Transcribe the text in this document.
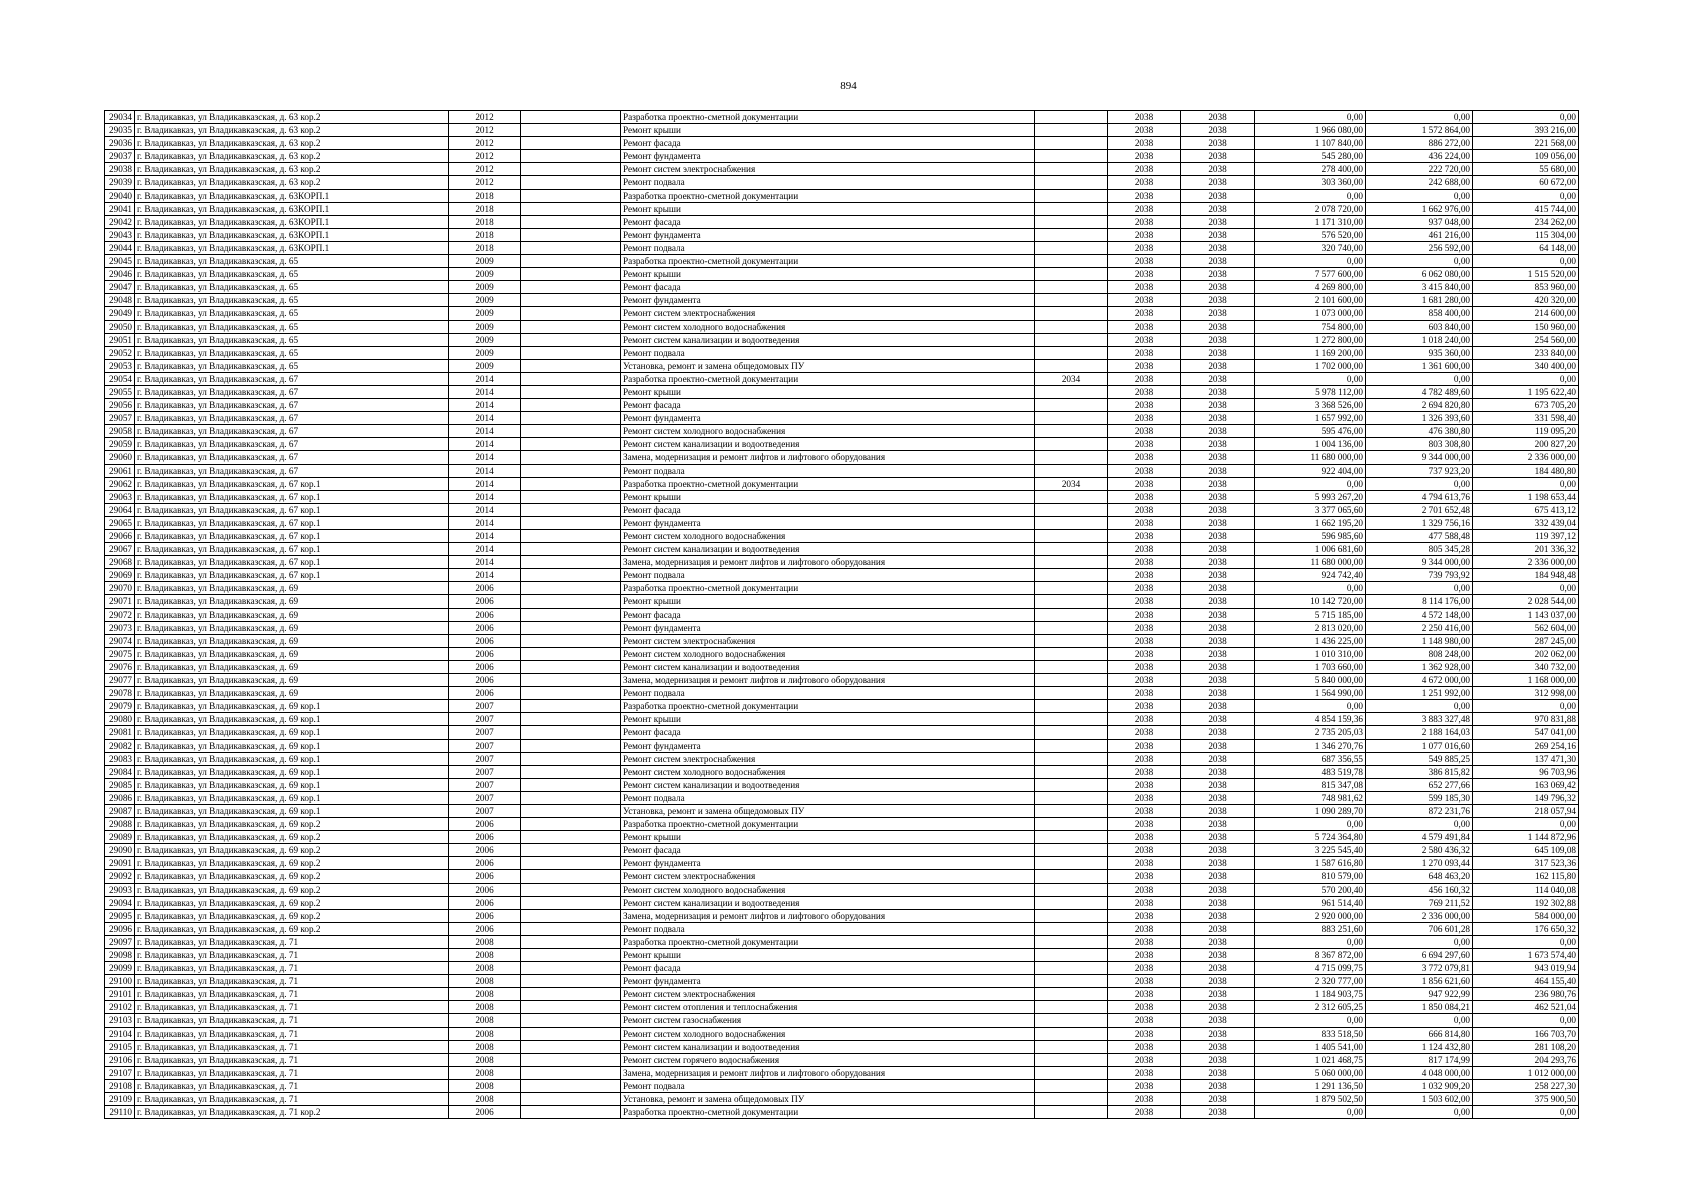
894
29034	г. Владикавказ, ул Владикавказская, д. 63 кор.2	2012		Разработка проектно-сметной документации		2038	2038	0,00	0,00	0,00
29035	г. Владикавказ, ул Владикавказская, д. 63 кор.2	2012		Ремонт крыши		2038	2038	1 966 080,00	1 572 864,00	393 216,00
29036	г. Владикавказ, ул Владикавказская, д. 63 кор.2	2012		Ремонт фасада		2038	2038	1 107 840,00	886 272,00	221 568,00
29037	г. Владикавказ, ул Владикавказская, д. 63 кор.2	2012		Ремонт фундамента		2038	2038	545 280,00	436 224,00	109 056,00
29038	г. Владикавказ, ул Владикавказская, д. 63 кор.2	2012		Ремонт систем электроснабжения		2038	2038	278 400,00	222 720,00	55 680,00
29039	г. Владикавказ, ул Владикавказская, д. 63 кор.2	2012		Ремонт подвала		2038	2038	303 360,00	242 688,00	60 672,00
29040	г. Владикавказ, ул Владикавказская, д. 63КОРП.1	2018		Разработка проектно-сметной документации		2038	2038	0,00	0,00	0,00
29041	г. Владикавказ, ул Владикавказская, д. 63КОРП.1	2018		Ремонт крыши		2038	2038	2 078 720,00	1 662 976,00	415 744,00
29042	г. Владикавказ, ул Владикавказская, д. 63КОРП.1	2018		Ремонт фасада		2038	2038	1 171 310,00	937 048,00	234 262,00
29043	г. Владикавказ, ул Владикавказская, д. 63КОРП.1	2018		Ремонт фундамента		2038	2038	576 520,00	461 216,00	115 304,00
29044	г. Владикавказ, ул Владикавказская, д. 63КОРП.1	2018		Ремонт подвала		2038	2038	320 740,00	256 592,00	64 148,00
29045	г. Владикавказ, ул Владикавказская, д. 65	2009		Разработка проектно-сметной документации		2038	2038	0,00	0,00	0,00
29046	г. Владикавказ, ул Владикавказская, д. 65	2009		Ремонт крыши		2038	2038	7 577 600,00	6 062 080,00	1 515 520,00
29047	г. Владикавказ, ул Владикавказская, д. 65	2009		Ремонт фасада		2038	2038	4 269 800,00	3 415 840,00	853 960,00
29048	г. Владикавказ, ул Владикавказская, д. 65	2009		Ремонт фундамента		2038	2038	2 101 600,00	1 681 280,00	420 320,00
29049	г. Владикавказ, ул Владикавказская, д. 65	2009		Ремонт систем электроснабжения		2038	2038	1 073 000,00	858 400,00	214 600,00
29050	г. Владикавказ, ул Владикавказская, д. 65	2009		Ремонт систем холодного водоснабжения		2038	2038	754 800,00	603 840,00	150 960,00
29051	г. Владикавказ, ул Владикавказская, д. 65	2009		Ремонт систем канализации и водоотведения		2038	2038	1 272 800,00	1 018 240,00	254 560,00
29052	г. Владикавказ, ул Владикавказская, д. 65	2009		Ремонт подвала		2038	2038	1 169 200,00	935 360,00	233 840,00
29053	г. Владикавказ, ул Владикавказская, д. 65	2009		Установка, ремонт и замена общедомовых ПУ		2038	2038	1 702 000,00	1 361 600,00	340 400,00
29054	г. Владикавказ, ул Владикавказская, д. 67	2014		Разработка проектно-сметной документации	2034	2038	2038	0,00	0,00	0,00
29055	г. Владикавказ, ул Владикавказская, д. 67	2014		Ремонт крыши		2038	2038	5 978 112,00	4 782 489,60	1 195 622,40
29056	г. Владикавказ, ул Владикавказская, д. 67	2014		Ремонт фасада		2038	2038	3 368 526,00	2 694 820,80	673 705,20
29057	г. Владикавказ, ул Владикавказская, д. 67	2014		Ремонт фундамента		2038	2038	1 657 992,00	1 326 393,60	331 598,40
29058	г. Владикавказ, ул Владикавказская, д. 67	2014		Ремонт систем холодного водоснабжения		2038	2038	595 476,00	476 380,80	119 095,20
29059	г. Владикавказ, ул Владикавказская, д. 67	2014		Ремонт систем канализации и водоотведения		2038	2038	1 004 136,00	803 308,80	200 827,20
29060	г. Владикавказ, ул Владикавказская, д. 67	2014		Замена, модернизация и ремонт лифтов и лифтового оборудования		2038	2038	11 680 000,00	9 344 000,00	2 336 000,00
29061	г. Владикавказ, ул Владикавказская, д. 67	2014		Ремонт подвала		2038	2038	922 404,00	737 923,20	184 480,80
29062	г. Владикавказ, ул Владикавказская, д. 67 кор.1	2014		Разработка проектно-сметной документации	2034	2038	2038	0,00	0,00	0,00
29063	г. Владикавказ, ул Владикавказская, д. 67 кор.1	2014		Ремонт крыши		2038	2038	5 993 267,20	4 794 613,76	1 198 653,44
29064	г. Владикавказ, ул Владикавказская, д. 67 кор.1	2014		Ремонт фасада		2038	2038	3 377 065,60	2 701 652,48	675 413,12
29065	г. Владикавказ, ул Владикавказская, д. 67 кор.1	2014		Ремонт фундамента		2038	2038	1 662 195,20	1 329 756,16	332 439,04
29066	г. Владикавказ, ул Владикавказская, д. 67 кор.1	2014		Ремонт систем холодного водоснабжения		2038	2038	596 985,60	477 588,48	119 397,12
29067	г. Владикавказ, ул Владикавказская, д. 67 кор.1	2014		Ремонт систем канализации и водоотведения		2038	2038	1 006 681,60	805 345,28	201 336,32
29068	г. Владикавказ, ул Владикавказская, д. 67 кор.1	2014		Замена, модернизация и ремонт лифтов и лифтового оборудования		2038	2038	11 680 000,00	9 344 000,00	2 336 000,00
29069	г. Владикавказ, ул Владикавказская, д. 67 кор.1	2014		Ремонт подвала		2038	2038	924 742,40	739 793,92	184 948,48
29070	г. Владикавказ, ул Владикавказская, д. 69	2006		Разработка проектно-сметной документации		2038	2038	0,00	0,00	0,00
29071	г. Владикавказ, ул Владикавказская, д. 69	2006		Ремонт крыши		2038	2038	10 142 720,00	8 114 176,00	2 028 544,00
29072	г. Владикавказ, ул Владикавказская, д. 69	2006		Ремонт фасада		2038	2038	5 715 185,00	4 572 148,00	1 143 037,00
29073	г. Владикавказ, ул Владикавказская, д. 69	2006		Ремонт фундамента		2038	2038	2 813 020,00	2 250 416,00	562 604,00
29074	г. Владикавказ, ул Владикавказская, д. 69	2006		Ремонт систем электроснабжения		2038	2038	1 436 225,00	1 148 980,00	287 245,00
29075	г. Владикавказ, ул Владикавказская, д. 69	2006		Ремонт систем холодного водоснабжения		2038	2038	1 010 310,00	808 248,00	202 062,00
29076	г. Владикавказ, ул Владикавказская, д. 69	2006		Ремонт систем канализации и водоотведения		2038	2038	1 703 660,00	1 362 928,00	340 732,00
29077	г. Владикавказ, ул Владикавказская, д. 69	2006		Замена, модернизация и ремонт лифтов и лифтового оборудования		2038	2038	5 840 000,00	4 672 000,00	1 168 000,00
29078	г. Владикавказ, ул Владикавказская, д. 69	2006		Ремонт подвала		2038	2038	1 564 990,00	1 251 992,00	312 998,00
29079	г. Владикавказ, ул Владикавказская, д. 69 кор.1	2007		Разработка проектно-сметной документации		2038	2038	0,00	0,00	0,00
29080	г. Владикавказ, ул Владикавказская, д. 69 кор.1	2007		Ремонт крыши		2038	2038	4 854 159,36	3 883 327,48	970 831,88
29081	г. Владикавказ, ул Владикавказская, д. 69 кор.1	2007		Ремонт фасада		2038	2038	2 735 205,03	2 188 164,03	547 041,00
29082	г. Владикавказ, ул Владикавказская, д. 69 кор.1	2007		Ремонт фундамента		2038	2038	1 346 270,76	1 077 016,60	269 254,16
29083	г. Владикавказ, ул Владикавказская, д. 69 кор.1	2007		Ремонт систем электроснабжения		2038	2038	687 356,55	549 885,25	137 471,30
29084	г. Владикавказ, ул Владикавказская, д. 69 кор.1	2007		Ремонт систем холодного водоснабжения		2038	2038	483 519,78	386 815,82	96 703,96
29085	г. Владикавказ, ул Владикавказская, д. 69 кор.1	2007		Ремонт систем канализации и водоотведения		2038	2038	815 347,08	652 277,66	163 069,42
29086	г. Владикавказ, ул Владикавказская, д. 69 кор.1	2007		Ремонт подвала		2038	2038	748 981,62	599 185,30	149 796,32
29087	г. Владикавказ, ул Владикавказская, д. 69 кор.1	2007		Установка, ремонт и замена общедомовых ПУ		2038	2038	1 090 289,70	872 231,76	218 057,94
29088	г. Владикавказ, ул Владикавказская, д. 69 кор.2	2006		Разработка проектно-сметной документации		2038	2038	0,00	0,00	0,00
29089	г. Владикавказ, ул Владикавказская, д. 69 кор.2	2006		Ремонт крыши		2038	2038	5 724 364,80	4 579 491,84	1 144 872,96
29090	г. Владикавказ, ул Владикавказская, д. 69 кор.2	2006		Ремонт фасада		2038	2038	3 225 545,40	2 580 436,32	645 109,08
29091	г. Владикавказ, ул Владикавказская, д. 69 кор.2	2006		Ремонт фундамента		2038	2038	1 587 616,80	1 270 093,44	317 523,36
29092	г. Владикавказ, ул Владикавказская, д. 69 кор.2	2006		Ремонт систем электроснабжения		2038	2038	810 579,00	648 463,20	162 115,80
29093	г. Владикавказ, ул Владикавказская, д. 69 кор.2	2006		Ремонт систем холодного водоснабжения		2038	2038	570 200,40	456 160,32	114 040,08
29094	г. Владикавказ, ул Владикавказская, д. 69 кор.2	2006		Ремонт систем канализации и водоотведения		2038	2038	961 514,40	769 211,52	192 302,88
29095	г. Владикавказ, ул Владикавказская, д. 69 кор.2	2006		Замена, модернизация и ремонт лифтов и лифтового оборудования		2038	2038	2 920 000,00	2 336 000,00	584 000,00
29096	г. Владикавказ, ул Владикавказская, д. 69 кор.2	2006		Ремонт подвала		2038	2038	883 251,60	706 601,28	176 650,32
29097	г. Владикавказ, ул Владикавказская, д. 71	2008		Разработка проектно-сметной документации		2038	2038	0,00	0,00	0,00
29098	г. Владикавказ, ул Владикавказская, д. 71	2008		Ремонт крыши		2038	2038	8 367 872,00	6 694 297,60	1 673 574,40
29099	г. Владикавказ, ул Владикавказская, д. 71	2008		Ремонт фасада		2038	2038	4 715 099,75	3 772 079,81	943 019,94
29100	г. Владикавказ, ул Владикавказская, д. 71	2008		Ремонт фундамента		2038	2038	2 320 777,00	1 856 621,60	464 155,40
29101	г. Владикавказ, ул Владикавказская, д. 71	2008		Ремонт систем электроснабжения		2038	2038	1 184 903,75	947 922,99	236 980,76
29102	г. Владикавказ, ул Владикавказская, д. 71	2008		Ремонт систем отопления и теплоснабжения		2038	2038	2 312 605,25	1 850 084,21	462 521,04
29103	г. Владикавказ, ул Владикавказская, д. 71	2008		Ремонт систем газоснабжения		2038	2038	0,00	0,00	0,00
29104	г. Владикавказ, ул Владикавказская, д. 71	2008		Ремонт систем холодного водоснабжения		2038	2038	833 518,50	666 814,80	166 703,70
29105	г. Владикавказ, ул Владикавказская, д. 71	2008		Ремонт систем канализации и водоотведения		2038	2038	1 405 541,00	1 124 432,80	281 108,20
29106	г. Владикавказ, ул Владикавказская, д. 71	2008		Ремонт систем горячего водоснабжения		2038	2038	1 021 468,75	817 174,99	204 293,76
29107	г. Владикавказ, ул Владикавказская, д. 71	2008		Замена, модернизация и ремонт лифтов и лифтового оборудования		2038	2038	5 060 000,00	4 048 000,00	1 012 000,00
29108	г. Владикавказ, ул Владикавказская, д. 71	2008		Ремонт подвала		2038	2038	1 291 136,50	1 032 909,20	258 227,30
29109	г. Владикавказ, ул Владикавказская, д. 71	2008		Установка, ремонт и замена общедомовых ПУ		2038	2038	1 879 502,50	1 503 602,00	375 900,50
29110	г. Владикавказ, ул Владикавказская, д. 71 кор.2	2006		Разработка проектно-сметной документации		2038	2038	0,00	0,00	0,00
